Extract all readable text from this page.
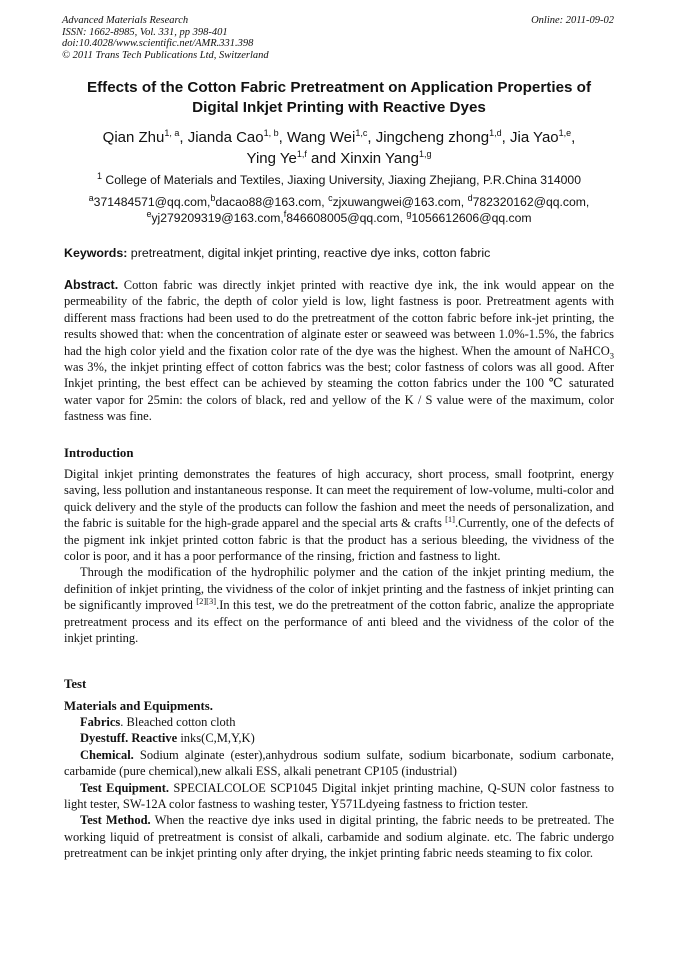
Advanced Materials Research
ISSN: 1662-8985, Vol. 331, pp 398-401
doi:10.4028/www.scientific.net/AMR.331.398
© 2011 Trans Tech Publications Ltd, Switzerland
Online: 2011-09-02
Effects of the Cotton Fabric Pretreatment on Application Properties of
Digital Inkjet Printing with Reactive Dyes
Qian Zhu$^{1, a}$, Jianda Cao$^{1, b}$, Wang Wei$^{1,c}$, Jingcheng zhong$^{1,d}$, Jia Yao$^{1,e}$,
Ying Ye$^{1,f}$ and Xinxin Yang$^{1,g}$
$^1$ College of Materials and Textiles, Jiaxing University, Jiaxing Zhejiang, P.R.China 314000
$^a$371484571@qq.com,$^b$dacao88@163.com, $^c$zjxuwangwei@163.com, $^d$782320162@qq.com,
$^e$yj279209319@163.com,$^f$846608005@qq.com, $^g$1056612606@qq.com
Keywords: pretreatment, digital inkjet printing, reactive dye inks, cotton fabric

Abstract. Cotton fabric was directly inkjet printed with reactive dye ink, the ink would appear on the permeability of the fabric, the depth of color yield is low, light fastness is poor. Pretreatment agents with different mass fractions had been used to do the pretreatment of the cotton fabric before ink-jet printing, the results showed that: when the concentration of alginate ester or seaweed was between 1.0%-1.5%, the fabrics had the high color yield and the fixation color rate of the dye was the highest. When the amount of NaHCO$_3$ was 3%, the inkjet printing effect of cotton fabrics was the best; color fastness of colors was all good. After Inkjet printing, the best effect can be achieved by steaming the cotton fabrics under the 100 ℃ saturated water vapor for 25min: the colors of black, red and yellow of the K / S value were of the maximum, color fastness was fine.

Introduction

Digital inkjet printing demonstrates the features of high accuracy, short process, small footprint, energy saving, less pollution and instantaneous response. It can meet the requirement of low-volume, multi-color and quick delivery and the style of the products can follow the fashion and meet the needs of personalization, and the fabric is suitable for the high-grade apparel and the special arts & crafts [1].Currently, one of the defects of the pigment ink inkjet printed cotton fabric is that the product has a serious bleeding, the vividness of the color is poor, and it has a poor performance of the rinsing, friction and fastness to light.

Through the modification of the hydrophilic polymer and the cation of the inkjet printing medium, the definition of inkjet printing, the vividness of the color of inkjet printing and the fastness of inkjet printing can be significantly improved [2][3].In this test, we do the pretreatment of the cotton fabric, analize the appropriate pretreatment process and its effect on the performance of anti bleed and the vividness of the color of the inkjet printing.

Test
Materials and Equipments.

Fabrics. Bleached cotton cloth

Dyestuff. Reactive inks(C,M,Y,K)

Chemical. Sodium alginate (ester),anhydrous sodium sulfate, sodium bicarbonate, sodium carbonate, carbamide (pure chemical),new alkali ESS, alkali penetrant CP105 (industrial)

Test Equipment. SPECIALCOLOE SCP1045 Digital inkjet printing machine, Q-SUN color fastness to light tester, SW-12A color fastness to washing tester, Y571Ldyeing fastness to friction tester.

Test Method. When the reactive dye inks used in digital printing, the fabric needs to be pretreated. The working liquid of pretreatment is consist of alkali, carbamide and sodium alginate. etc. The fabric undergo pretreatment can be inkjet printing only after drying, the inkjet printing fabric needs steaming to fix color.
